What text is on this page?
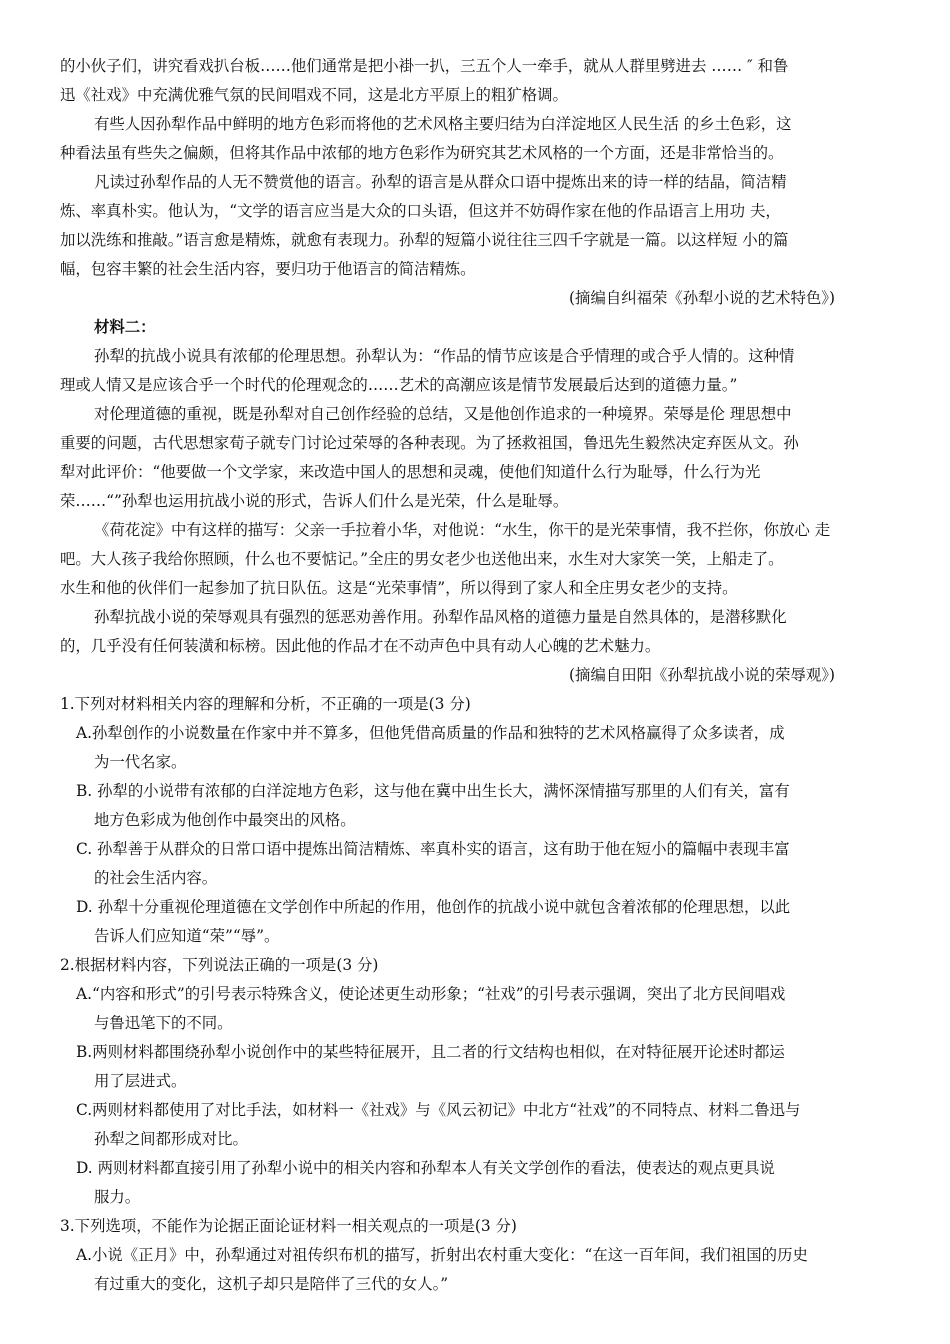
的小伙子们，讲究看戏扒台板……他们通常是把小褂一扒，三五个人一牵手，就从人群里劈进去 …… ″ 和鲁
迅《社戏》中充满优雅气氛的民间唱戏不同，这是北方平原上的粗犷格调。
有些人因孙犁作品中鲜明的地方色彩而将他的艺术风格主要归结为白洋淀地区人民生活 的乡土色彩，这
种看法虽有些失之偏颇，但将其作品中浓郁的地方色彩作为研究其艺术风格的一个方面，还是非常恰当的。
凡读过孙犁作品的人无不赞赏他的语言。孙犁的语言是从群众口语中提炼出来的诗一样的结晶，简洁精
炼、率真朴实。他认为，“文学的语言应当是大众的口头语，但这并不妨碍作家在他的作品语言上用功 夫，
加以洗练和推敲。”语言愈是精炼，就愈有表现力。孙犁的短篇小说往往三四千字就是一篇。以这样短 小的篇
幅，包容丰繁的社会生活内容，要归功于他语言的简洁精炼。
(摘编自纠福荣《孙犁小说的艺术特色》)
材料二：
孙犁的抗战小说具有浓郁的伦理思想。孙犁认为：“作品的情节应该是合乎情理的或合乎人情的。这种情
理或人情又是应该合乎一个时代的伦理观念的……艺术的高潮应该是情节发展最后达到的道德力量。”
对伦理道德的重视，既是孙犁对自己创作经验的总结，又是他创作追求的一种境界。荣辱是伦 理思想中
重要的问题，古代思想家荀子就专门讨论过荣辱的各种表现。为了拯救祖国，鲁迅先生毅然决定弃医从文。孙
犁对此评价：“他要做一个文学家，来改造中国人的思想和灵魂，使他们知道什么行为耻辱，什么行为光
荣……“”孙犁也运用抗战小说的形式，告诉人们什么是光荣，什么是耻辱。
《荷花淀》中有这样的描写：父亲一手拉着小华，对他说：“水生，你干的是光荣事情，我不拦你，你放心 走
吧。大人孩子我给你照顾，什么也不要惦记。”全庄的男女老少也送他出来，水生对大家笑一笑，上船走了。
水生和他的伙伴们一起参加了抗日队伍。这是“光荣事情”，所以得到了家人和全庄男女老少的支持。
孙犁抗战小说的荣辱观具有强烈的惩恶劝善作用。孙犁作品风格的道德力量是自然具体的，是潜移默化
的，几乎没有任何装潢和标榜。因此他的作品才在不动声色中具有动人心魄的艺术魅力。
(摘编自田阳《孙犁抗战小说的荣辱观》)
1.下列对材料相关内容的理解和分析，不正确的一项是(3 分)
A.孙犁创作的小说数量在作家中并不算多，但他凭借高质量的作品和独特的艺术风格赢得了众多读者，成
为一代名家。
B. 孙犁的小说带有浓郁的白洋淀地方色彩，这与他在冀中出生长大，满怀深情描写那里的人们有关，富有
地方色彩成为他创作中最突出的风格。
C. 孙犁善于从群众的日常口语中提炼出简洁精炼、率真朴实的语言，这有助于他在短小的篇幅中表现丰富
的社会生活内容。
D. 孙犁十分重视伦理道德在文学创作中所起的作用，他创作的抗战小说中就包含着浓郁的伦理思想，以此
告诉人们应知道“荣”“辱”。
2.根据材料内容，下列说法正确的一项是(3 分)
A.“内容和形式”的引号表示特殊含义，使论述更生动形象；“社戏”的引号表示强调，突出了北方民间唱戏
与鲁迅笔下的不同。
B.两则材料都围绕孙犁小说创作中的某些特征展开，且二者的行文结构也相似，在对特征展开论述时都运
用了层进式。
C.两则材料都使用了对比手法，如材料一《社戏》与《风云初记》中北方“社戏”的不同特点、材料二鲁迅与
孙犁之间都形成对比。
D. 两则材料都直接引用了孙犁小说中的相关内容和孙犁本人有关文学创作的看法，使表达的观点更具说
服力。
3.下列选项，不能作为论据正面论证材料一相关观点的一项是(3 分)
A.小说《正月》中，孙犁通过对祖传织布机的描写，折射出农村重大变化：“在这一百年间，我们祖国的历史
有过重大的变化，这机子却只是陪伴了三代的女人。”
